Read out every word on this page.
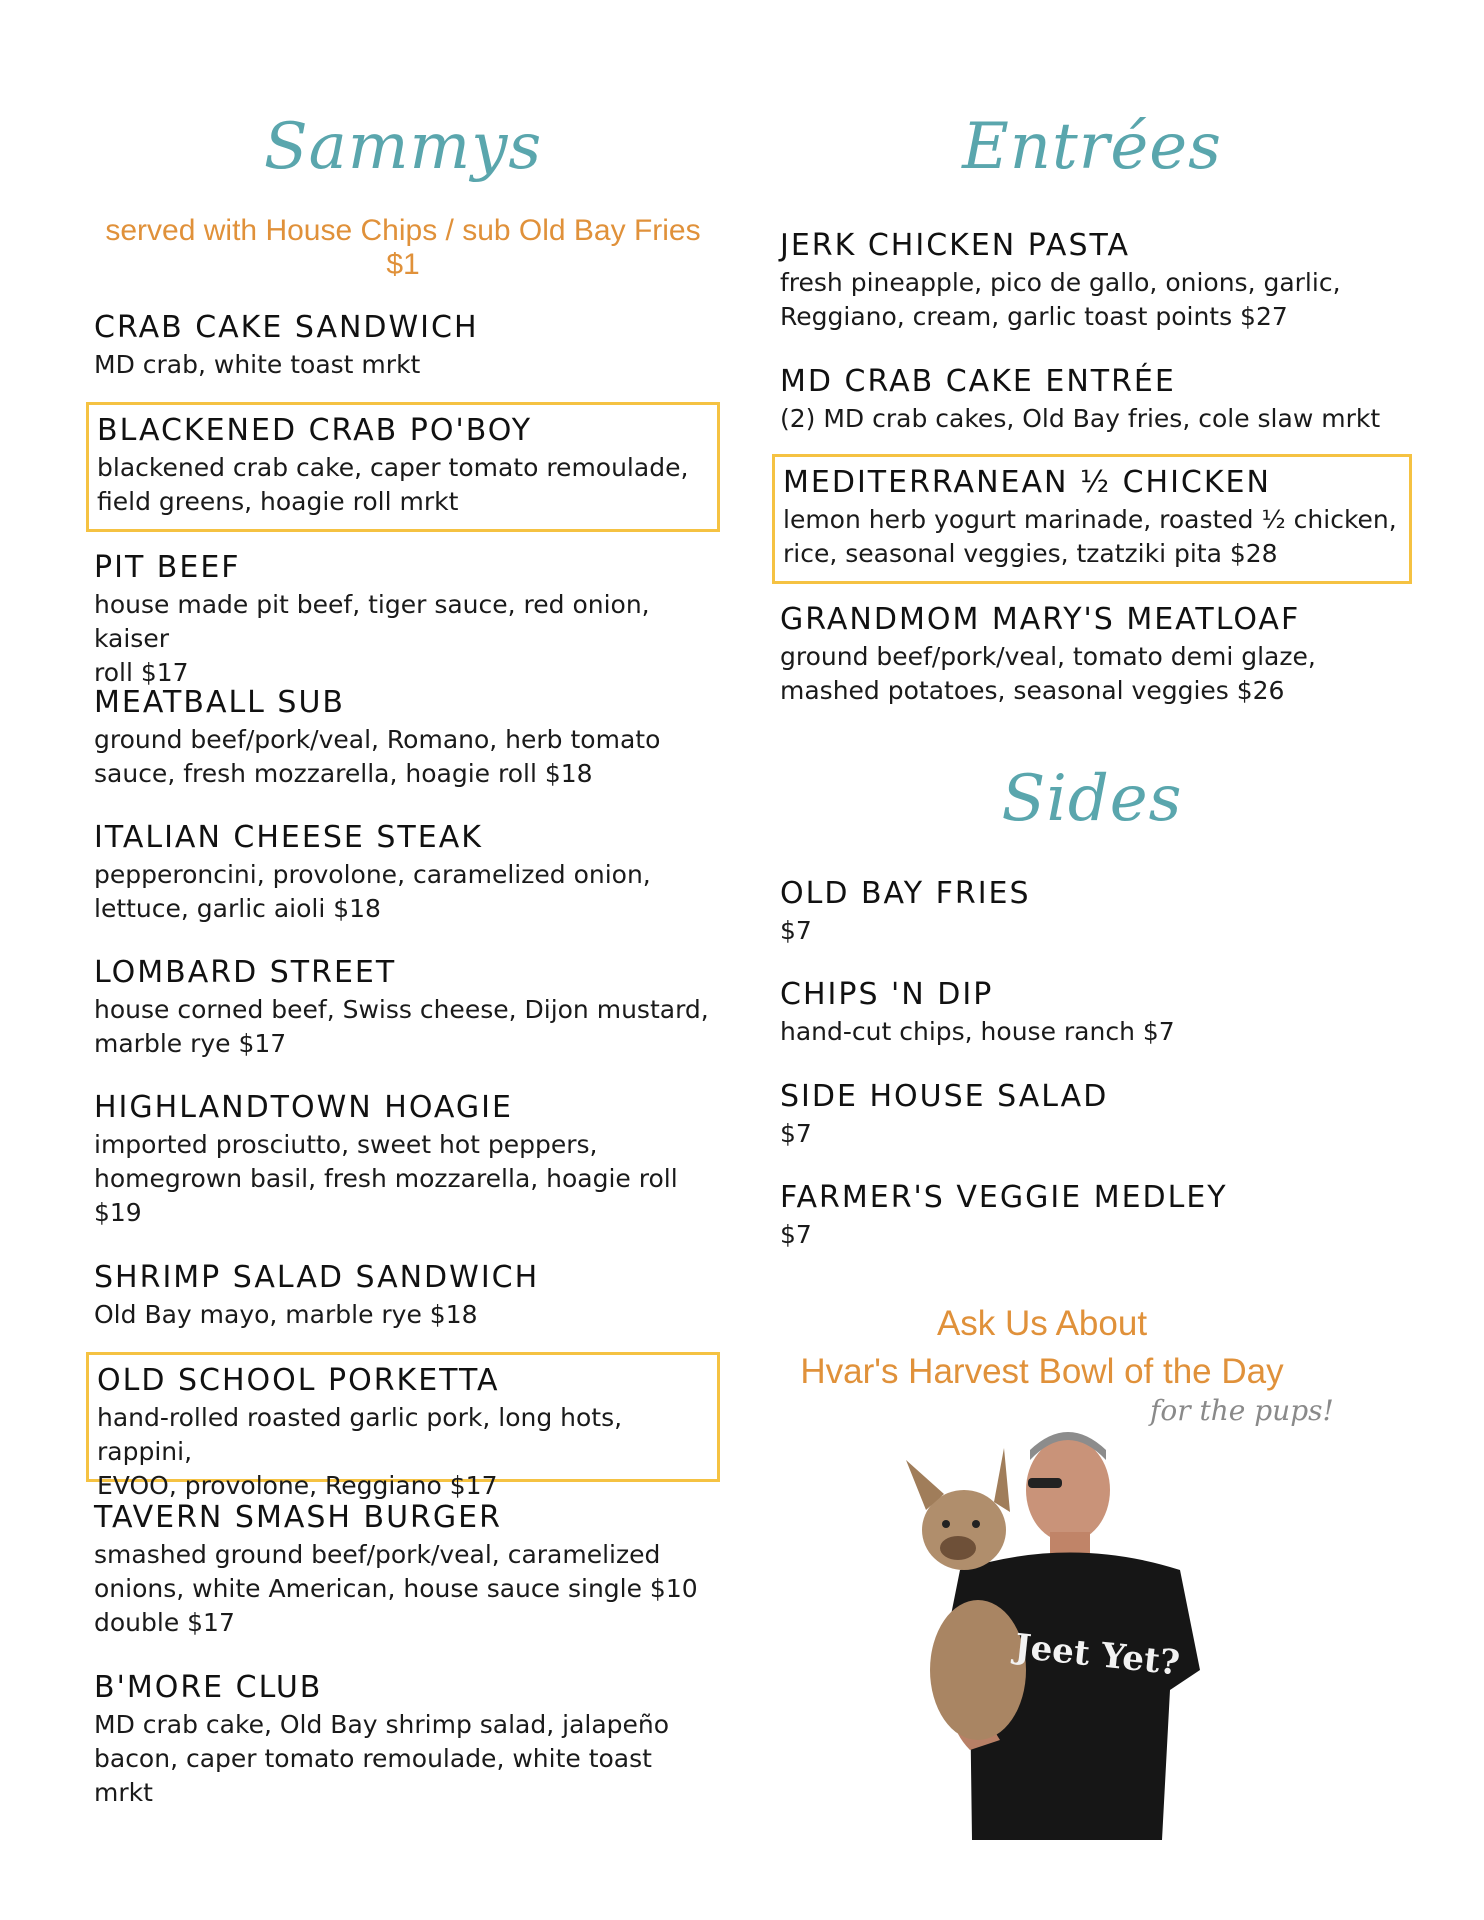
Sammys
served with House Chips / sub Old Bay Fries $1
CRAB CAKE SANDWICH
MD crab, white toast mrkt
BLACKENED CRAB PO'BOY
blackened crab cake, caper tomato remoulade,
field greens, hoagie roll mrkt
PIT BEEF
house made pit beef, tiger sauce, red onion, kaiser
roll $17
MEATBALL SUB
ground beef/pork/veal, Romano, herb tomato
sauce, fresh mozzarella, hoagie roll $18
ITALIAN CHEESE STEAK
pepperoncini, provolone, caramelized onion,
lettuce, garlic aioli $18
LOMBARD STREET
house corned beef, Swiss cheese, Dijon mustard,
marble rye $17
HIGHLANDTOWN HOAGIE
imported prosciutto, sweet hot peppers,
homegrown basil, fresh mozzarella, hoagie roll
$19
SHRIMP SALAD SANDWICH
Old Bay mayo, marble rye $18
OLD SCHOOL PORKETTA
hand-rolled roasted garlic pork, long hots, rappini,
EVOO, provolone, Reggiano $17
TAVERN SMASH BURGER
smashed ground beef/pork/veal, caramelized
onions, white American, house sauce single $10
double $17
B'MORE CLUB
MD crab cake, Old Bay shrimp salad, jalapeño
bacon, caper tomato remoulade, white toast mrkt
Entrées
JERK CHICKEN PASTA
fresh pineapple, pico de gallo, onions, garlic,
Reggiano, cream, garlic toast points $27
MD CRAB CAKE ENTRÉE
(2) MD crab cakes, Old Bay fries, cole slaw mrkt
MEDITERRANEAN ½ CHICKEN
lemon herb yogurt marinade, roasted ½ chicken,
rice, seasonal veggies, tzatziki pita $28
GRANDMOM MARY'S MEATLOAF
ground beef/pork/veal, tomato demi glaze,
mashed potatoes, seasonal veggies $26
Sides
OLD BAY FRIES
$7
CHIPS 'N DIP
hand-cut chips, house ranch $7
SIDE HOUSE SALAD
$7
FARMER'S VEGGIE MEDLEY
$7
Ask Us About
Hvar's Harvest Bowl of the Day
for the pups!
Jeet Yet?
